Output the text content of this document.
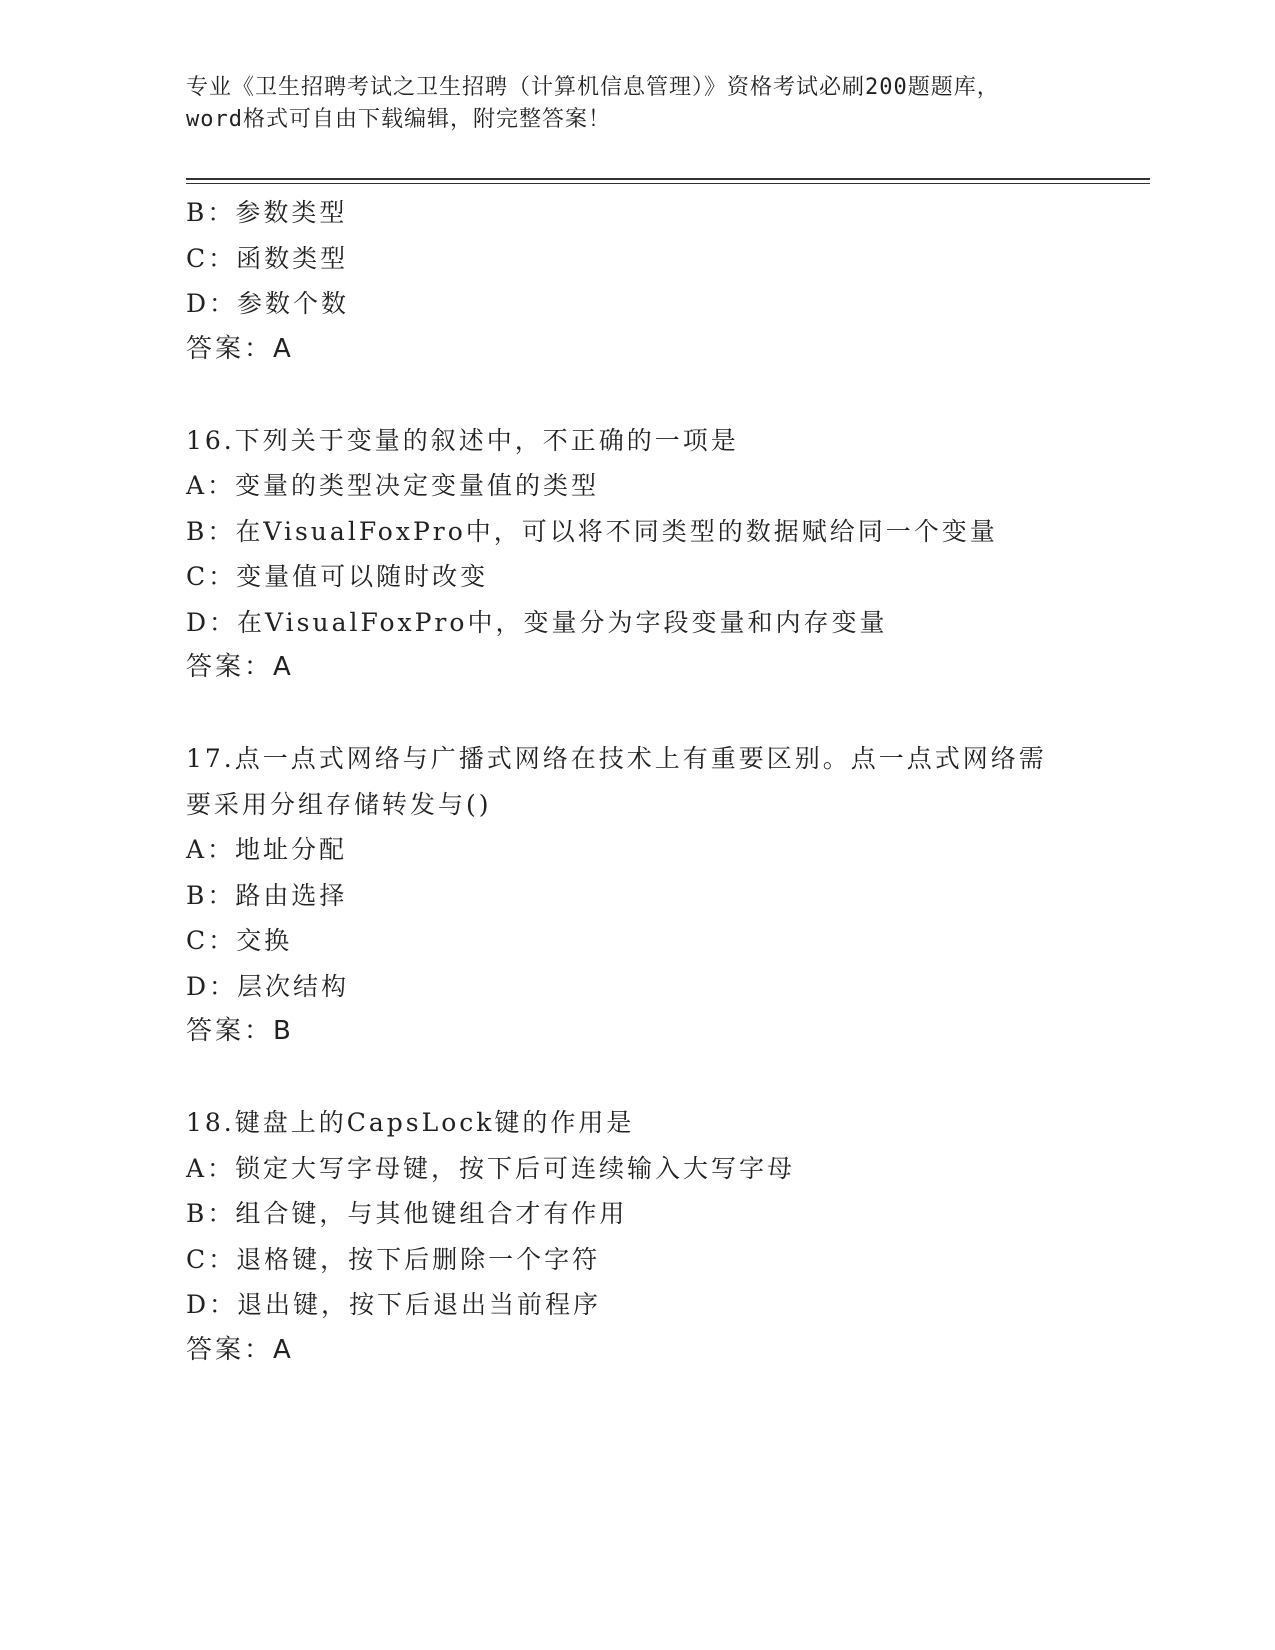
专业《卫生招聘考试之卫生招聘（计算机信息管理）》资格考试必刷200题题库，
word格式可自由下载编辑，附完整答案！
B：参数类型
C：函数类型
D：参数个数
答案：A
16.下列关于变量的叙述中，不正确的一项是
A：变量的类型决定变量值的类型
B：在VisualFoxPro中，可以将不同类型的数据赋给同一个变量
C：变量值可以随时改变
D：在VisualFoxPro中，变量分为字段变量和内存变量
答案：A
17.点一点式网络与广播式网络在技术上有重要区别。点一点式网络需
要采用分组存储转发与()
A：地址分配
B：路由选择
C：交换
D：层次结构
答案：B
18.键盘上的CapsLock键的作用是
A：锁定大写字母键，按下后可连续输入大写字母
B：组合键，与其他键组合才有作用
C：退格键，按下后删除一个字符
D：退出键，按下后退出当前程序
答案：A
